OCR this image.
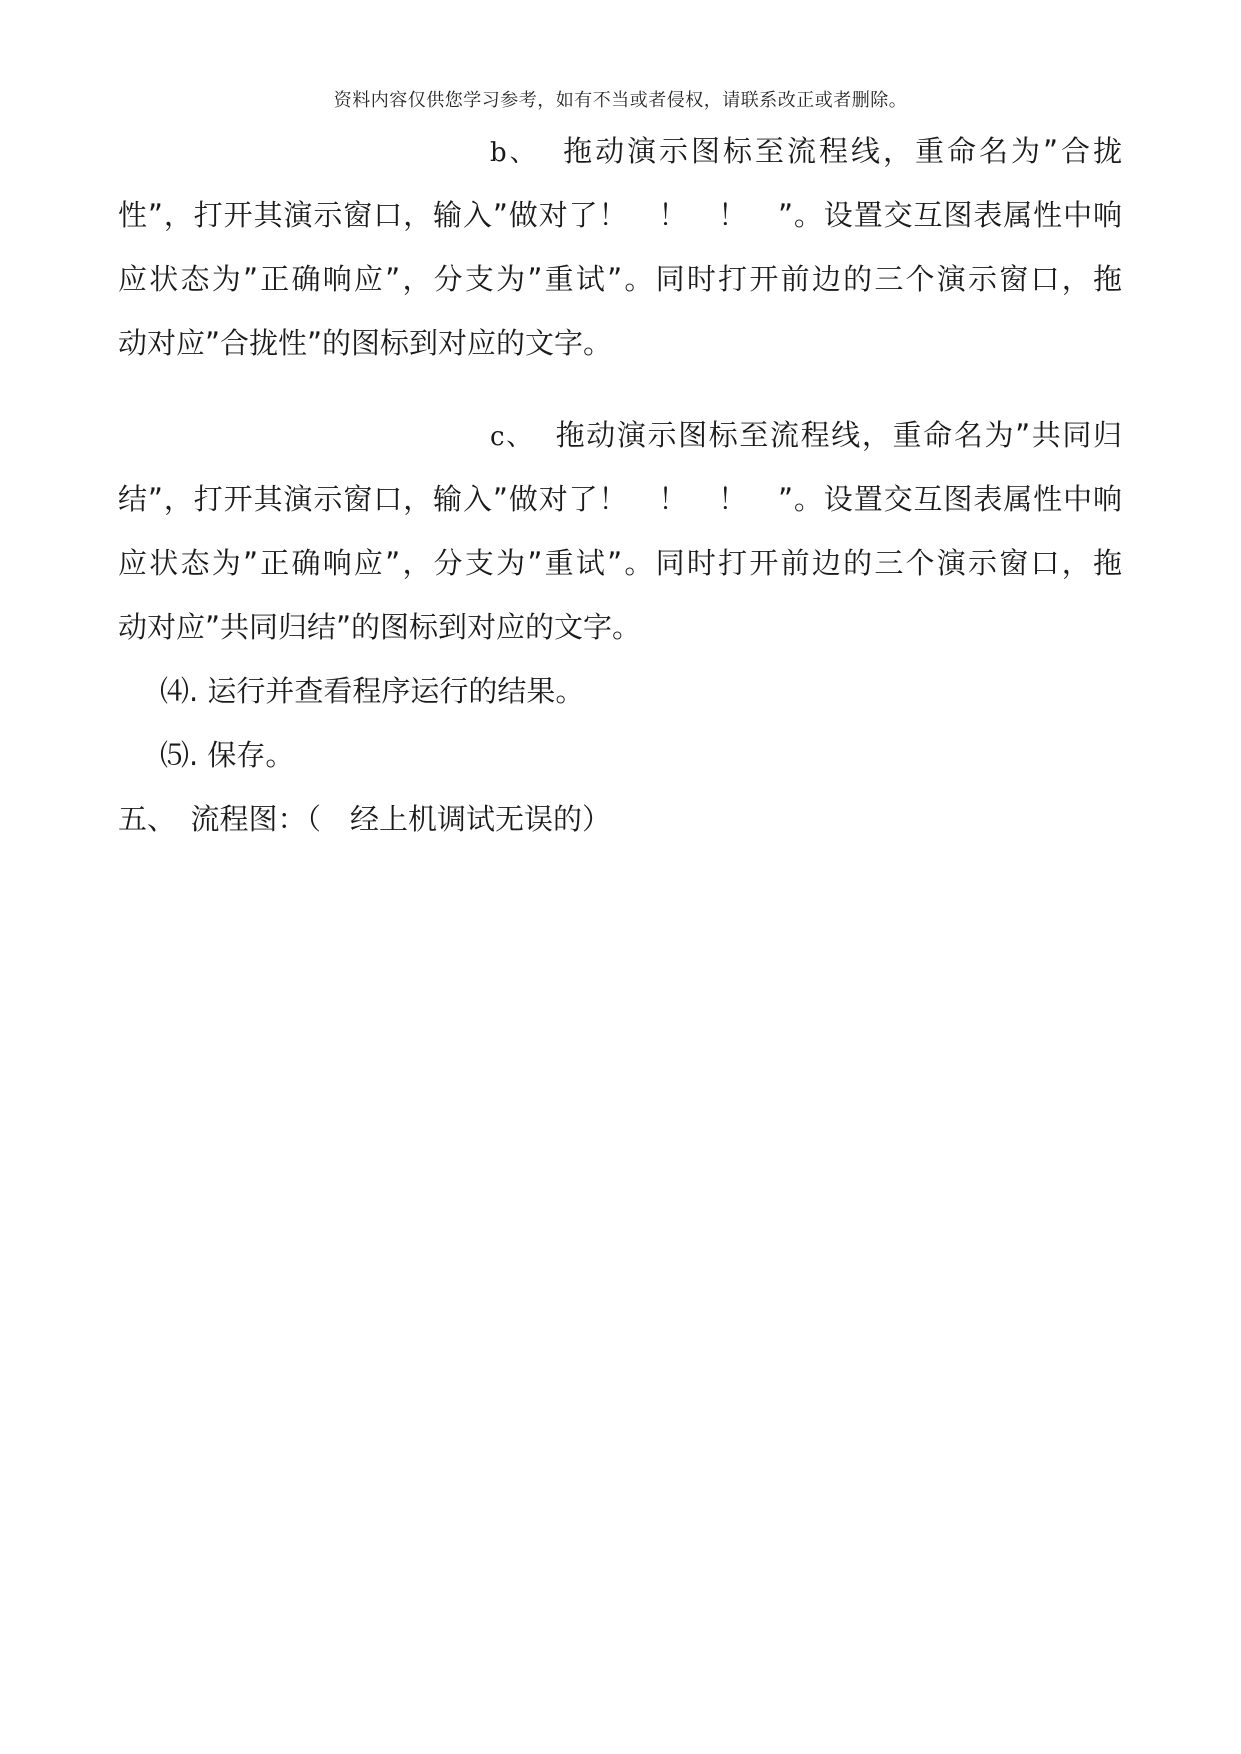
资料内容仅供您学习参考，如有不当或者侵权，请联系改正或者删除。
b、 拖动演示图标至流程线，重命名为”合拢
性”，打开其演示窗口，输入”做对了！　！　！　”。设置交互图表属性中响
应状态为”正确响应”，分支为”重试”。同时打开前边的三个演示窗口，拖
动对应”合拢性”的图标到对应的文字。
c、 拖动演示图标至流程线，重命名为”共同归
结”，打开其演示窗口，输入”做对了！　！　！　”。设置交互图表属性中响
应状态为”正确响应”，分支为”重试”。同时打开前边的三个演示窗口，拖
动对应”共同归结”的图标到对应的文字。
⑷. 运行并查看程序运行的结果。
⑸. 保存。
五、　流程图：（　经上机调试无误的）
